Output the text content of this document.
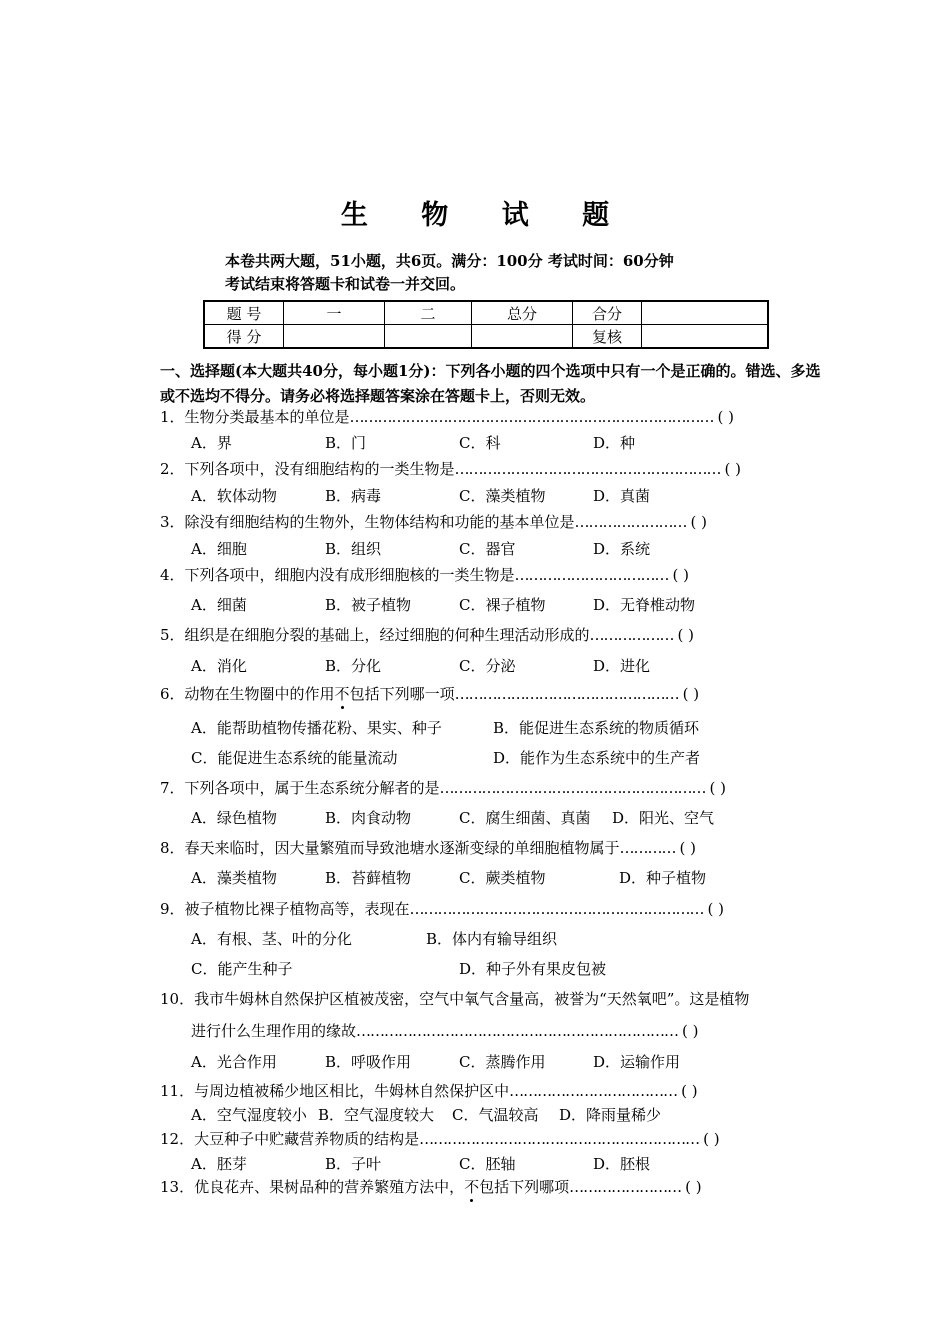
生 物 试 题
本卷共两大题，51小题，共6页。满分：100分 考试时间：60分钟
考试结束将答题卡和试卷一并交回。
题 号	一	二	总分	合分	
得 分				复核	
一、选择题(本大题共40分，每小题1分)：下列各小题的四个选项中只有一个是正确的。错选、多选或不选均不得分。请务必将选择题答案涂在答题卡上，否则无效。
1．生物分类最基本的单位是…………………………………………………………………… ( )
A．界	B．门	C．科	D．种
2．下列各项中，没有细胞结构的一类生物是………………………………………………… ( )
A．软体动物	B．病毒	C．藻类植物	D．真菌
3．除没有细胞结构的生物外，生物体结构和功能的基本单位是…………………… ( )
A．细胞	B．组织	C．器官	D．系统
4．下列各项中，细胞内没有成形细胞核的一类生物是…………………………… ( )
A．细菌	B．被子植物	C．裸子植物	D．无脊椎动物
5．组织是在细胞分裂的基础上，经过细胞的何种生理活动形成的……………… ( )
A．消化	B．分化	C．分泌	D．进化
6．动物在生物圈中的作用不包括下列哪一项………………………………………… ( )
A．能帮助植物传播花粉、果实、种子	B．能促进生态系统的物质循环
C．能促进生态系统的能量流动	D．能作为生态系统中的生产者
7．下列各项中，属于生态系统分解者的是………………………………………………… ( )
A．绿色植物	B．肉食动物	C．腐生细菌、真菌 D．阳光、空气
8．春天来临时，因大量繁殖而导致池塘水逐渐变绿的单细胞植物属于………… ( )
A．藻类植物	B．苔藓植物	C．蕨类植物	D．种子植物
9．被子植物比裸子植物高等，表现在……………………………………………………… ( )
A．有根、茎、叶的分化	B．体内有输导组织
C．能产生种子	D．种子外有果皮包被
10．我市牛姆林自然保护区植被茂密，空气中氧气含量高，被誉为“天然氧吧”。这是植物
进行什么生理作用的缘故…………………………………………………………… ( )
A．光合作用	B．呼吸作用	C．蒸腾作用	D．运输作用
11．与周边植被稀少地区相比，牛姆林自然保护区中……………………………… ( )
A．空气湿度较小 B．空气湿度较大 C．气温较高 D．降雨量稀少
12．大豆种子中贮藏营养物质的结构是…………………………………………………… ( )
A．胚芽	B．子叶	C．胚轴	D．胚根
13．优良花卉、果树品种的营养繁殖方法中，不包括下列哪项…………………… ( )
